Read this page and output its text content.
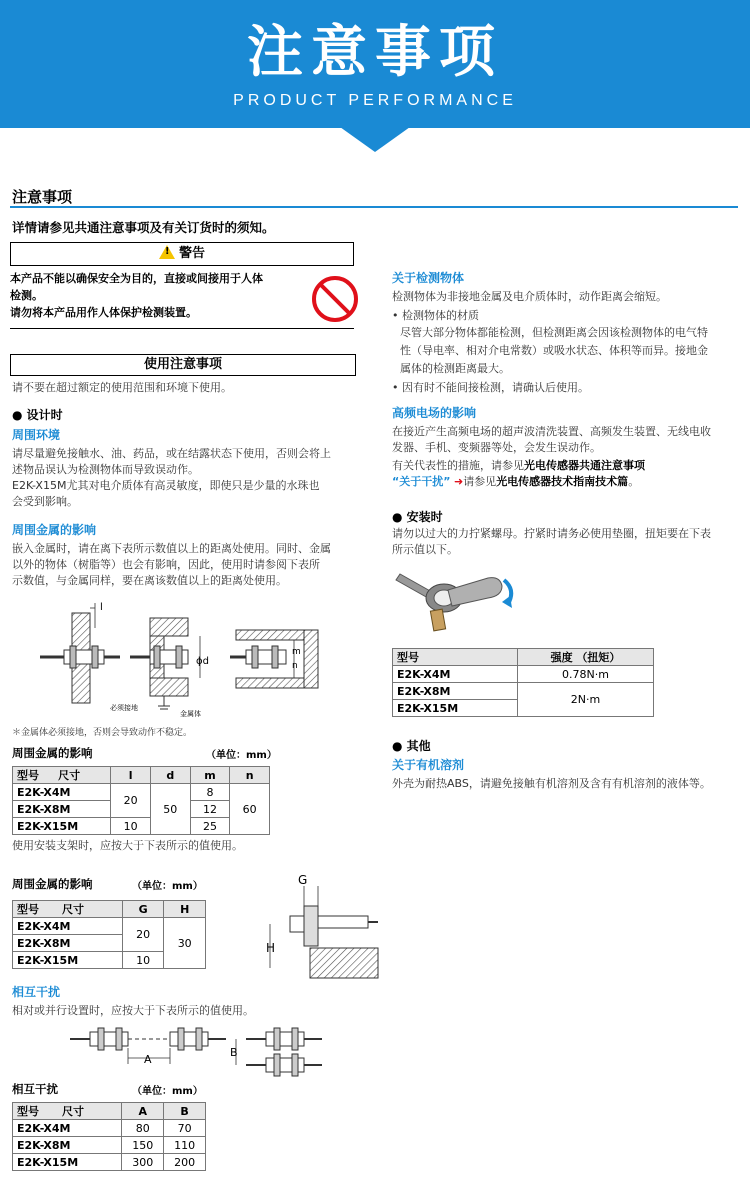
注意事项
PRODUCT PERFORMANCE
注意事项
详情请参见共通注意事项及有关订货时的须知。
! 警告
本产品不能以确保安全为目的，直接或间接用于人体
检测。
请勿将本产品用作人体保护检测装置。
使用注意事项
请不要在超过额定的使用范围和环境下使用。
● 设计时
周围环境
请尽量避免接触水、油、药品，或在结露状态下使用，否则会将上
述物品误认为检测物体而导致误动作。
E2K-X15M尤其对电介质体有高灵敏度，即使只是少量的水珠也
会受到影响。
周围金属的影响
嵌入金属时，请在离下表所示数值以上的距离处使用。同时、金属
以外的物体（树脂等）也会有影响，因此，使用时请参阅下表所
示数值，与金属同样，要在离该数值以上的距离处使用。
l
ϕd
必须接地
金属体
m
n
＊金属体必须接地，否则会导致动作不稳定。
周围金属的影响	（单位：mm）
型号 尺寸	l	d	m	n
E2K-X4M	20	50	8	60
E2K-X8M			12	
E2K-X15M	10		25	
使用安装支架时，应按大于下表所示的值使用。
周围金属的影响	（单位：mm）
型号 尺寸	G	H
E2K-X4M	20	30
E2K-X8M		
E2K-X15M	10	
G
H
相互干扰
相对或并行设置时，应按大于下表所示的值使用。
A
B
相互干扰	（单位：mm）
型号 尺寸	A	B
E2K-X4M	80	70
E2K-X8M	150	110
E2K-X15M	300	200
关于检测物体
检测物体为非接地金属及电介质体时，动作距离会缩短。
• 检测物体的材质
尽管大部分物体都能检测，但检测距离会因该检测物体的电气特
性（导电率、相对介电常数）或吸水状态、体积等而异。接地金
属体的检测距离最大。
• 因有时不能间接检测，请确认后使用。
高频电场的影响
在接近产生高频电场的超声波清洗装置、高频发生装置、无线电收
发器、手机、变频器等处，会发生误动作。
有关代表性的措施，请参见光电传感器共通注意事项
“关于干扰” ➜请参见光电传感器技术指南技术篇。
● 安装时
请勿以过大的力拧紧螺母。拧紧时请务必使用垫圈，扭矩要在下表
所示值以下。
型号	强度 （扭矩）
E2K-X4M	0.78N·m
E2K-X8M	2N·m
E2K-X15M	
● 其他
关于有机溶剂
外壳为耐热ABS，请避免接触有机溶剂及含有有机溶剂的液体等。
